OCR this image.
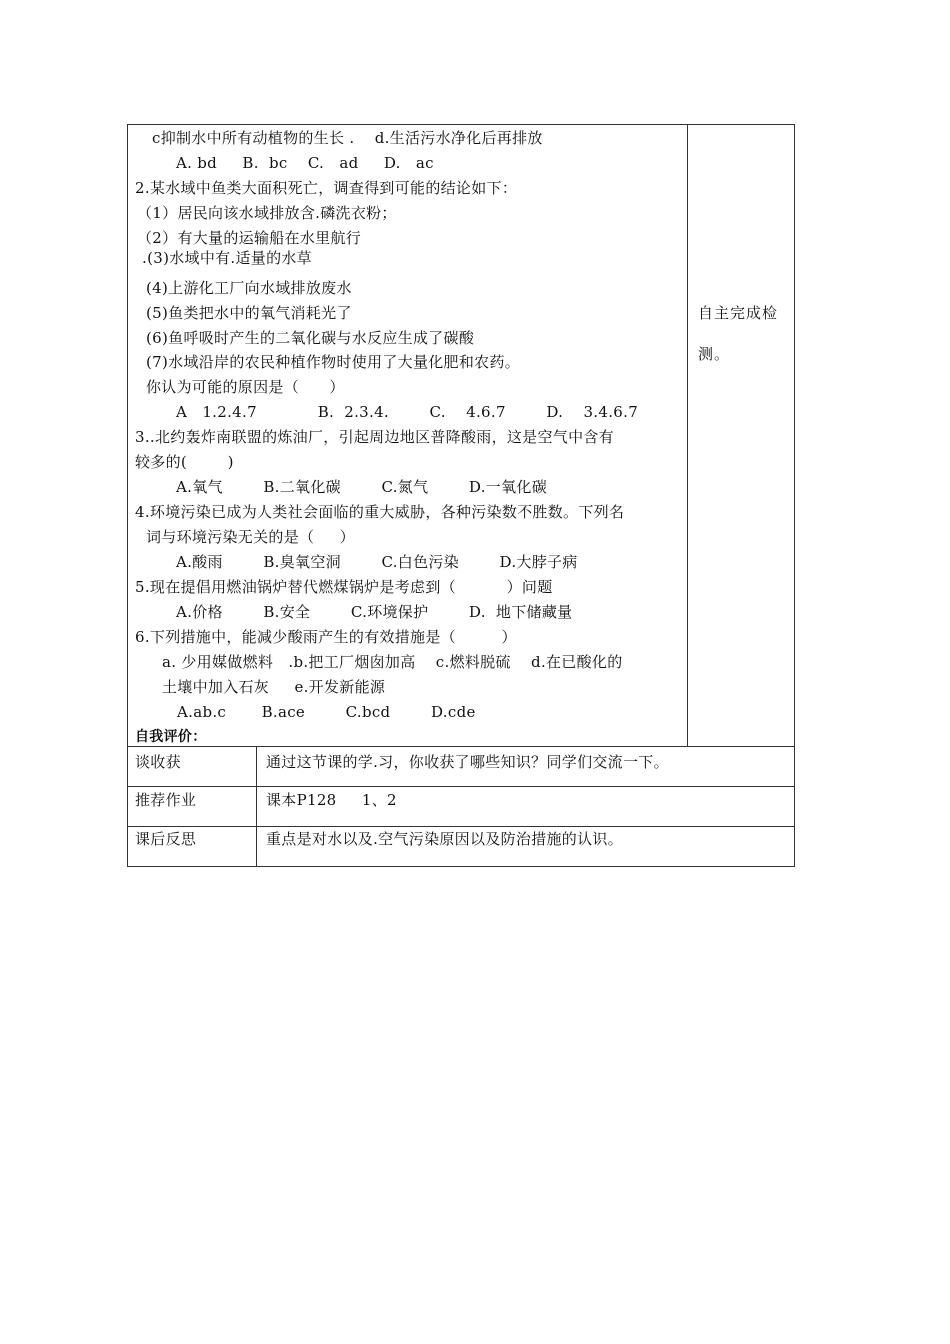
c抑制水中所有动植物的生长 .    d.生活污水净化后再排放
A. bd     B.  bc    C.   ad     D.   ac
2.某水域中鱼类大面积死亡，调查得到可能的结论如下：
（1）居民向该水域排放含.磷洗衣粉；
（2）有大量的运输船在水里航行
.(3)水域中有.适量的水草
(4)上游化工厂向水域排放废水
(5)鱼类把水中的氧气消耗光了
(6)鱼呼吸时产生的二氧化碳与水反应生成了碳酸
(7)水域沿岸的农民种植作物时使用了大量化肥和农药。
你认为可能的原因是（      ）
A   1.2.4.7            B.  2.3.4.        C.    4.6.7        D.    3.4.6.7
3..北约轰炸南联盟的炼油厂，引起周边地区普降酸雨，这是空气中含有
较多的(        )
A.氧气        B.二氧化碳        C.氮气        D.一氧化碳
4.环境污染已成为人类社会面临的重大威胁，各种污染数不胜数。下列名
词与环境污染无关的是（     ）
A.酸雨        B.臭氧空洞        C.白色污染        D.大脖子病
5.现在提倡用燃油锅炉替代燃煤锅炉是考虑到（          ）问题
A.价格        B.安全        C.环境保护        D.  地下储藏量
6.下列措施中，能减少酸雨产生的有效措施是（         ）
a. 少用媒做燃料   .b.把工厂烟囱加高    c.燃料脱硫    d.在已酸化的
土壤中加入石灰     e.开发新能源
A.ab.c       B.ace        C.bcd        D.cde
自我评价：
自主完成检
测。
谈收获	通过这节课的学.习，你收获了哪些知识？同学们交流一下。
推荐作业	课本P128     1、2
课后反思	重点是对水以及.空气污染原因以及防治措施的认识。
